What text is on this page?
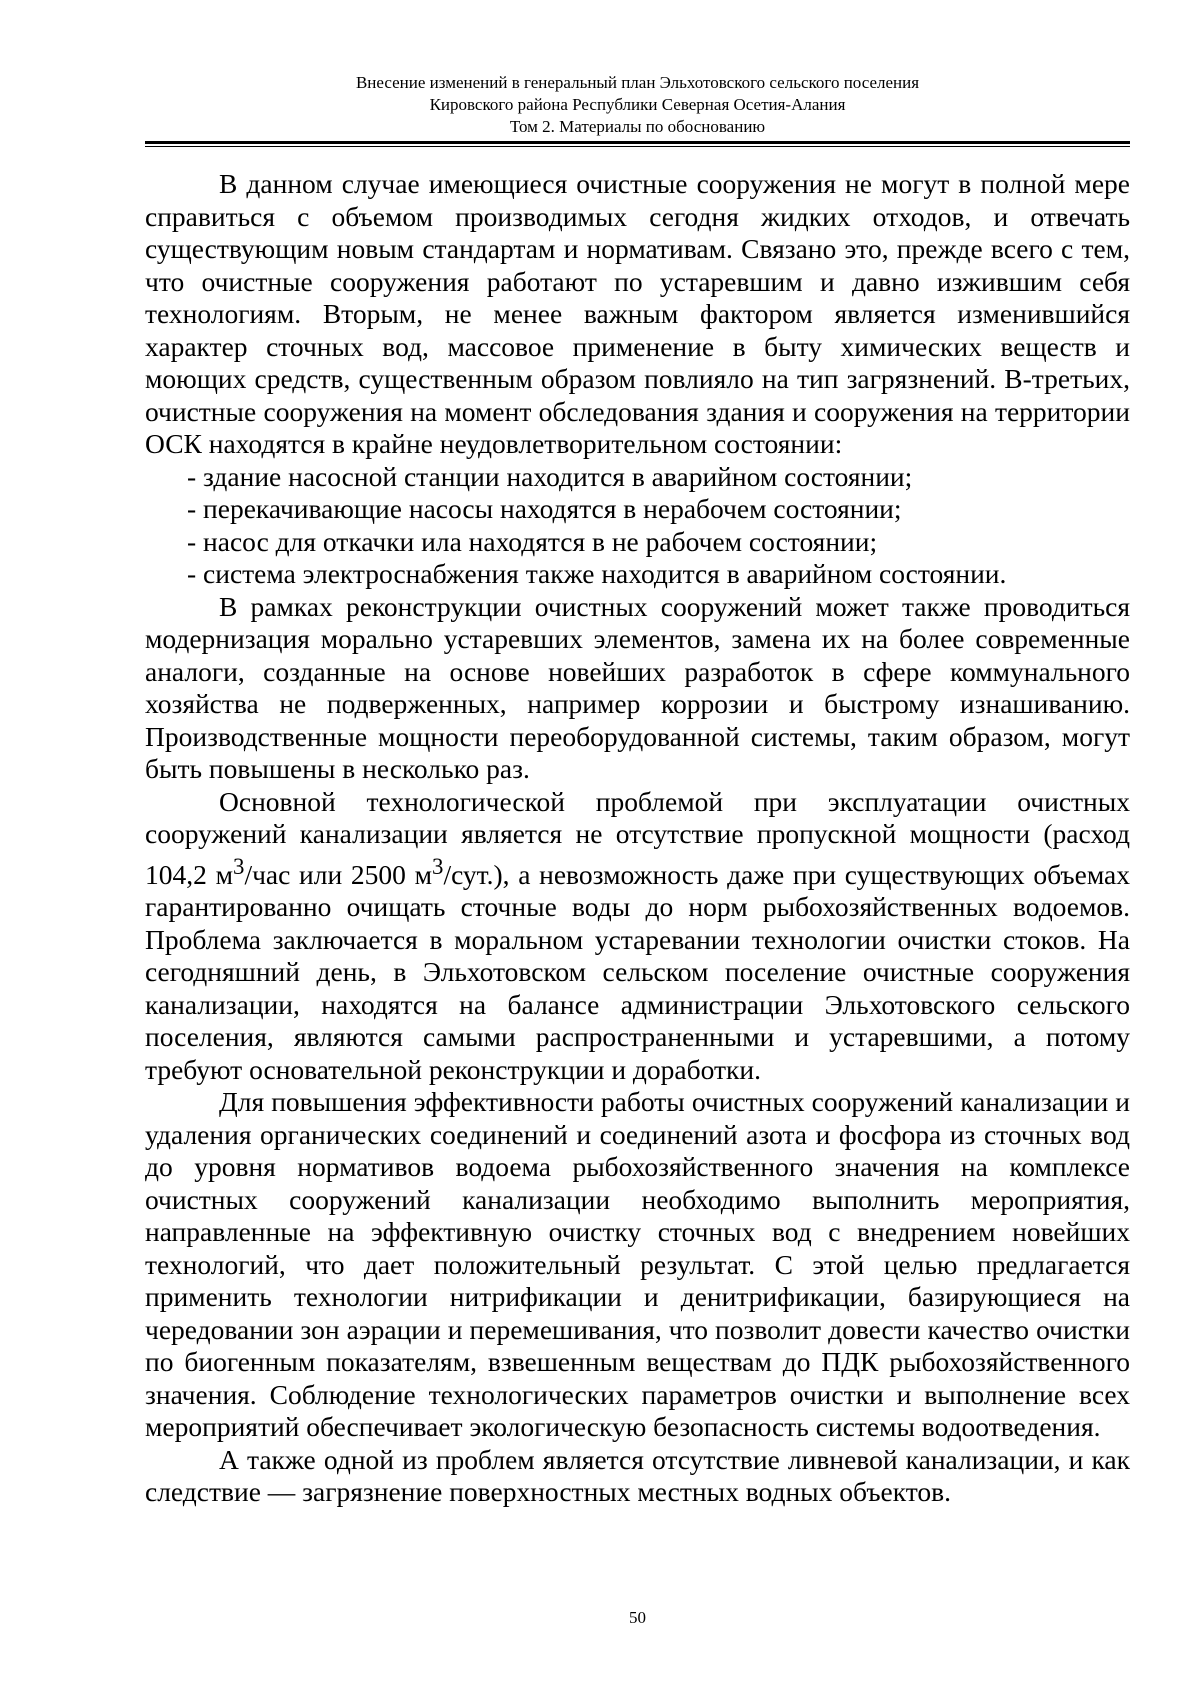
Внесение изменений в генеральный план Эльхотовского сельского поселения
Кировского района Республики Северная Осетия-Алания
Том 2. Материалы по обоснованию

В данном случае имеющиеся очистные сооружения не могут в полной мере справиться с объемом производимых сегодня жидких отходов, и отвечать существующим новым стандартам и нормативам. Связано это, прежде всего с тем, что очистные сооружения работают по устаревшим и давно изжившим себя технологиям. Вторым, не менее важным фактором является изменившийся характер сточных вод, массовое применение в быту химических веществ и моющих средств, существенным образом повлияло на тип загрязнений. В-третьих, очистные сооружения на момент обследования здания и сооружения на территории ОСК находятся в крайне неудовлетворительном состоянии:

- здание насосной станции находится в аварийном состоянии;

- перекачивающие насосы находятся в нерабочем состоянии;

- насос для откачки ила находятся в не рабочем состоянии;

- система электроснабжения также находится в аварийном состоянии.

В рамках реконструкции очистных сооружений может также проводиться модернизация морально устаревших элементов, замена их на более современные аналоги, созданные на основе новейших разработок в сфере коммунального хозяйства не подверженных, например коррозии и быстрому изнашиванию. Производственные мощности переоборудованной системы, таким образом, могут быть повышены в несколько раз.

Основной технологической проблемой при эксплуатации очистных сооружений канализации является не отсутствие пропускной мощности (расход 104,2 $м^3$/час или 2500 $м^3/сут$.), а невозможность даже при существующих объемах гарантированно очищать сточные воды до норм рыбохозяйственных водоемов. Проблема заключается в моральном устаревании технологии очистки стоков. На сегодняшний день, в Эльхотовском сельском поселение очистные сооружения канализации, находятся на балансе администрации Эльхотовского сельского поселения, являются самыми распространенными и устаревшими, а потому требуют основательной реконструкции и доработки.

Для повышения эффективности работы очистных сооружений канализации и удаления органических соединений и соединений азота и фосфора из сточных вод до уровня нормативов водоема рыбохозяйственного значения на комплексе очистных сооружений канализации необходимо выполнить мероприятия, направленные на эффективную очистку сточных вод с внедрением новейших технологий, что дает положительный результат. С этой целью предлагается применить технологии нитрификации и денитрификации, базирующиеся на чередовании зон аэрации и перемешивания, что позволит довести качество очистки по биогенным показателям, взвешенным веществам до ПДК рыбохозяйственного значения. Соблюдение технологических параметров очистки и выполнение всех мероприятий обеспечивает экологическую безопасность системы водоотведения.

А также одной из проблем является отсутствие ливневой канализации, и как следствие — загрязнение поверхностных местных водных объектов.

50
